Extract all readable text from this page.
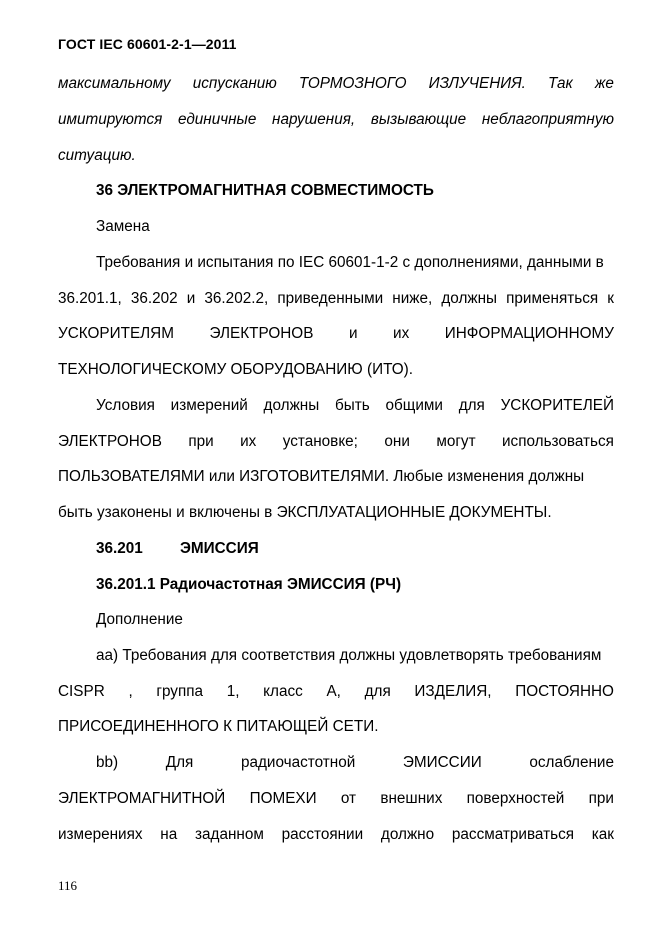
ГОСТ IEC 60601-2-1—2011
максимальному испусканию ТОРМОЗНОГО ИЗЛУЧЕНИЯ. Так же
имитируются единичные нарушения, вызывающие неблагоприятную
ситуацию.
36 ЭЛЕКТРОМАГНИТНАЯ СОВМЕСТИМОСТЬ
Замена
Требования и испытания по IEC 60601-1-2 с дополнениями, данными в
36.201.1, 36.202 и 36.202.2, приведенными ниже, должны применяться к
УСКОРИТЕЛЯМ ЭЛЕКТРОНОВ и их ИНФОРМАЦИОННОМУ
ТЕХНОЛОГИЧЕСКОМУ ОБОРУДОВАНИЮ (ИТО).
Условия измерений должны быть общими для УСКОРИТЕЛЕЙ
ЭЛЕКТРОНОВ при их установке; они могут использоваться
ПОЛЬЗОВАТЕЛЯМИ или ИЗГОТОВИТЕЛЯМИ. Любые изменения должны
быть узаконены и включены в ЭКСПЛУАТАЦИОННЫЕ ДОКУМЕНТЫ.
36.201 ЭМИССИЯ
36.201.1 Радиочастотная ЭМИССИЯ (РЧ)
Дополнение
аа) Требования для соответствия должны удовлетворять требованиям
CISPR , группа 1, класс А, для ИЗДЕЛИЯ, ПОСТОЯННО
ПРИСОЕДИНЕННОГО К ПИТАЮЩЕЙ СЕТИ.
bb)	Для	радиочастотной	ЭМИССИИ	ослабление
ЭЛЕКТРОМАГНИТНОЙ ПОМЕХИ от внешних поверхностей при
измерениях на заданном расстоянии должно рассматриваться как
116
